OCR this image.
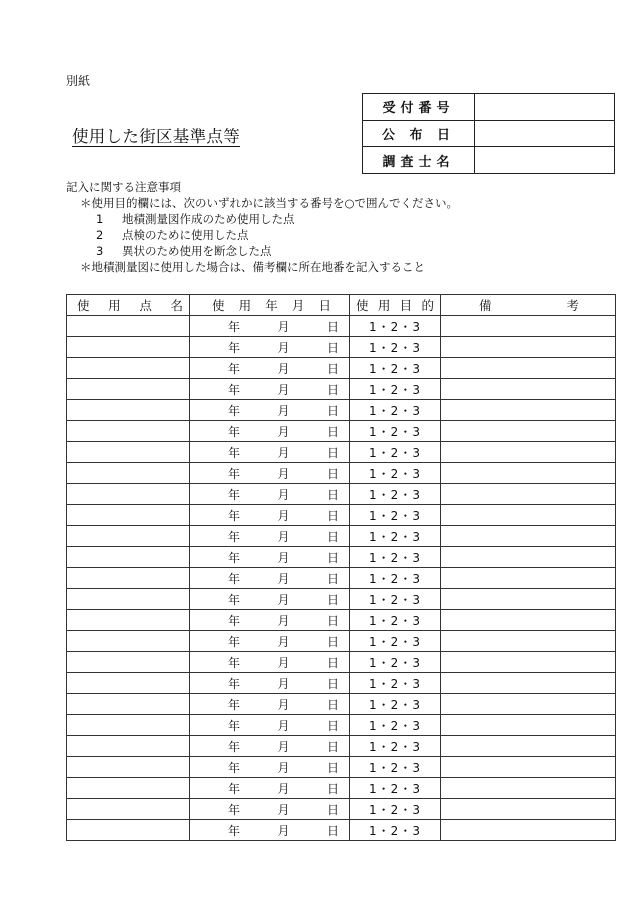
別紙
使用した街区基準点等
受付番号	
公 布 日	
調査士名	
記入に関する注意事項
＊使用目的欄には、次のいずれかに該当する番号を○で囲んでください。
1 地積測量図作成のため使用した点
2 点検のために使用した点
3 異状のため使用を断念した点
＊地積測量図に使用した場合は、備考欄に所在地番を記入すること
使 用 点 名	使 用 年 月 日	使 用 目 的	備 考

	年 月 日	1・2・3	

	年 月 日	1・2・3	

	年 月 日	1・2・3	

	年 月 日	1・2・3	

	年 月 日	1・2・3	

	年 月 日	1・2・3	

	年 月 日	1・2・3	

	年 月 日	1・2・3	

	年 月 日	1・2・3	

	年 月 日	1・2・3	

	年 月 日	1・2・3	

	年 月 日	1・2・3	

	年 月 日	1・2・3	

	年 月 日	1・2・3	

	年 月 日	1・2・3	

	年 月 日	1・2・3	

	年 月 日	1・2・3	

	年 月 日	1・2・3	

	年 月 日	1・2・3	

	年 月 日	1・2・3	

	年 月 日	1・2・3	

	年 月 日	1・2・3	

	年 月 日	1・2・3	

	年 月 日	1・2・3	

	年 月 日	1・2・3	
